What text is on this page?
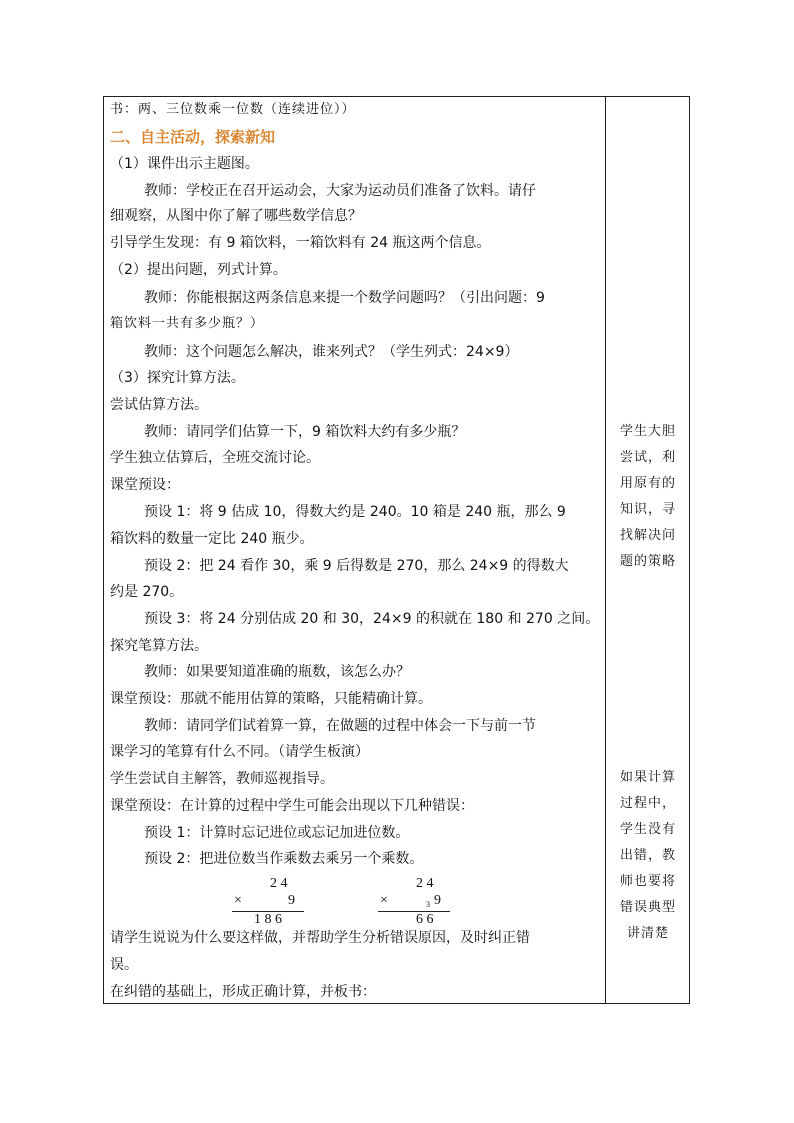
书：两、三位数乘一位数（连续进位））
二、自主活动，探索新知
（1）课件出示主题图。
教师：学校正在召开运动会，大家为运动员们准备了饮料。请仔
细观察，从图中你了解了哪些数学信息？
引导学生发现：有 9 箱饮料，一箱饮料有 24 瓶这两个信息。
（2）提出问题，列式计算。
教师：你能根据这两条信息来提一个数学问题吗？（引出问题：9
箱饮料一共有多少瓶？）
教师：这个问题怎么解决，谁来列式？（学生列式：24×9）
（3）探究计算方法。
尝试估算方法。
教师：请同学们估算一下，9 箱饮料大约有多少瓶？
学生独立估算后，全班交流讨论。
课堂预设：
预设 1：将 9 估成 10，得数大约是 240。10 箱是 240 瓶，那么 9
箱饮料的数量一定比 240 瓶少。
预设 2：把 24 看作 30，乘 9 后得数是 270，那么 24×9 的得数大
约是 270。
预设 3：将 24 分别估成 20 和 30，24×9 的积就在 180 和 270 之间。
探究笔算方法。
教师：如果要知道准确的瓶数，该怎么办？
课堂预设：那就不能用估算的策略，只能精确计算。
教师：请同学们试着算一算，在做题的过程中体会一下与前一节
课学习的笔算有什么不同。（请学生板演）
学生尝试自主解答，教师巡视指导。
课堂预设：在计算的过程中学生可能会出现以下几种错误：
预设 1：计算时忘记进位或忘记加进位数。
预设 2：把进位数当作乘数去乘另一个乘数。
请学生说说为什么要这样做，并帮助学生分析错误原因，及时纠正错
误。
在纠错的基础上，形成正确计算，并板书：
2 4
×	9
1 8 6
2 4
×	3 9
6 6
学生大胆
尝试，利
用原有的
知识，寻
找解决问
题的策略
如果计算
过程中，
学生没有
出错，教
师也要将
错误典型
讲清楚
